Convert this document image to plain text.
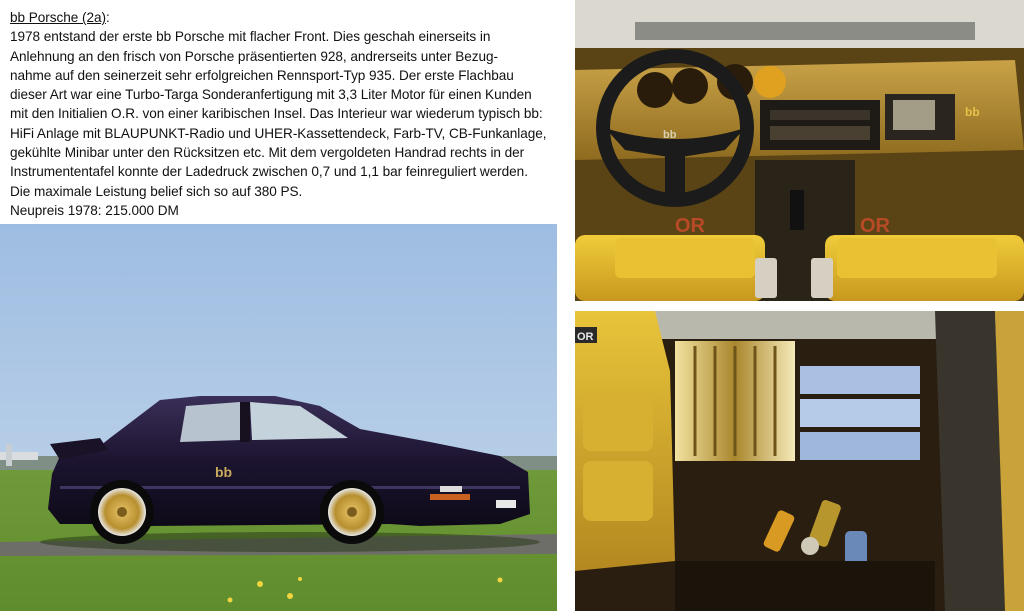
bb Porsche (2a):
1978 entstand der erste bb Porsche mit flacher Front. Dies geschah einerseits in
Anlehnung an den frisch von Porsche präsentierten 928, andrerseits unter Bezug-
nahme auf den seinerzeit sehr erfolgreichen Rennsport-Typ 935. Der erste Flachbau
dieser Art war eine Turbo-Targa Sonderanfertigung mit 3,3 Liter Motor für einen Kunden
mit den Initialien O.R. von einer karibischen Insel. Das Interieur war wiederum typisch bb:
HiFi Anlage mit BLAUPUNKT-Radio und UHER-Kassettendeck, Farb-TV, CB-Funkanlage,
gekühlte Minibar unter den Rücksitzen etc. Mit dem vergoldeten Handrad rechts in der
Instrumententafel konnte der Ladedruck zwischen 0,7 und 1,1 bar feinreguliert werden.
Die maximale Leistung belief sich so auf 380 PS.
Neupreis 1978: 215.000 DM
bb
bb
bb
OR	OR
OR
